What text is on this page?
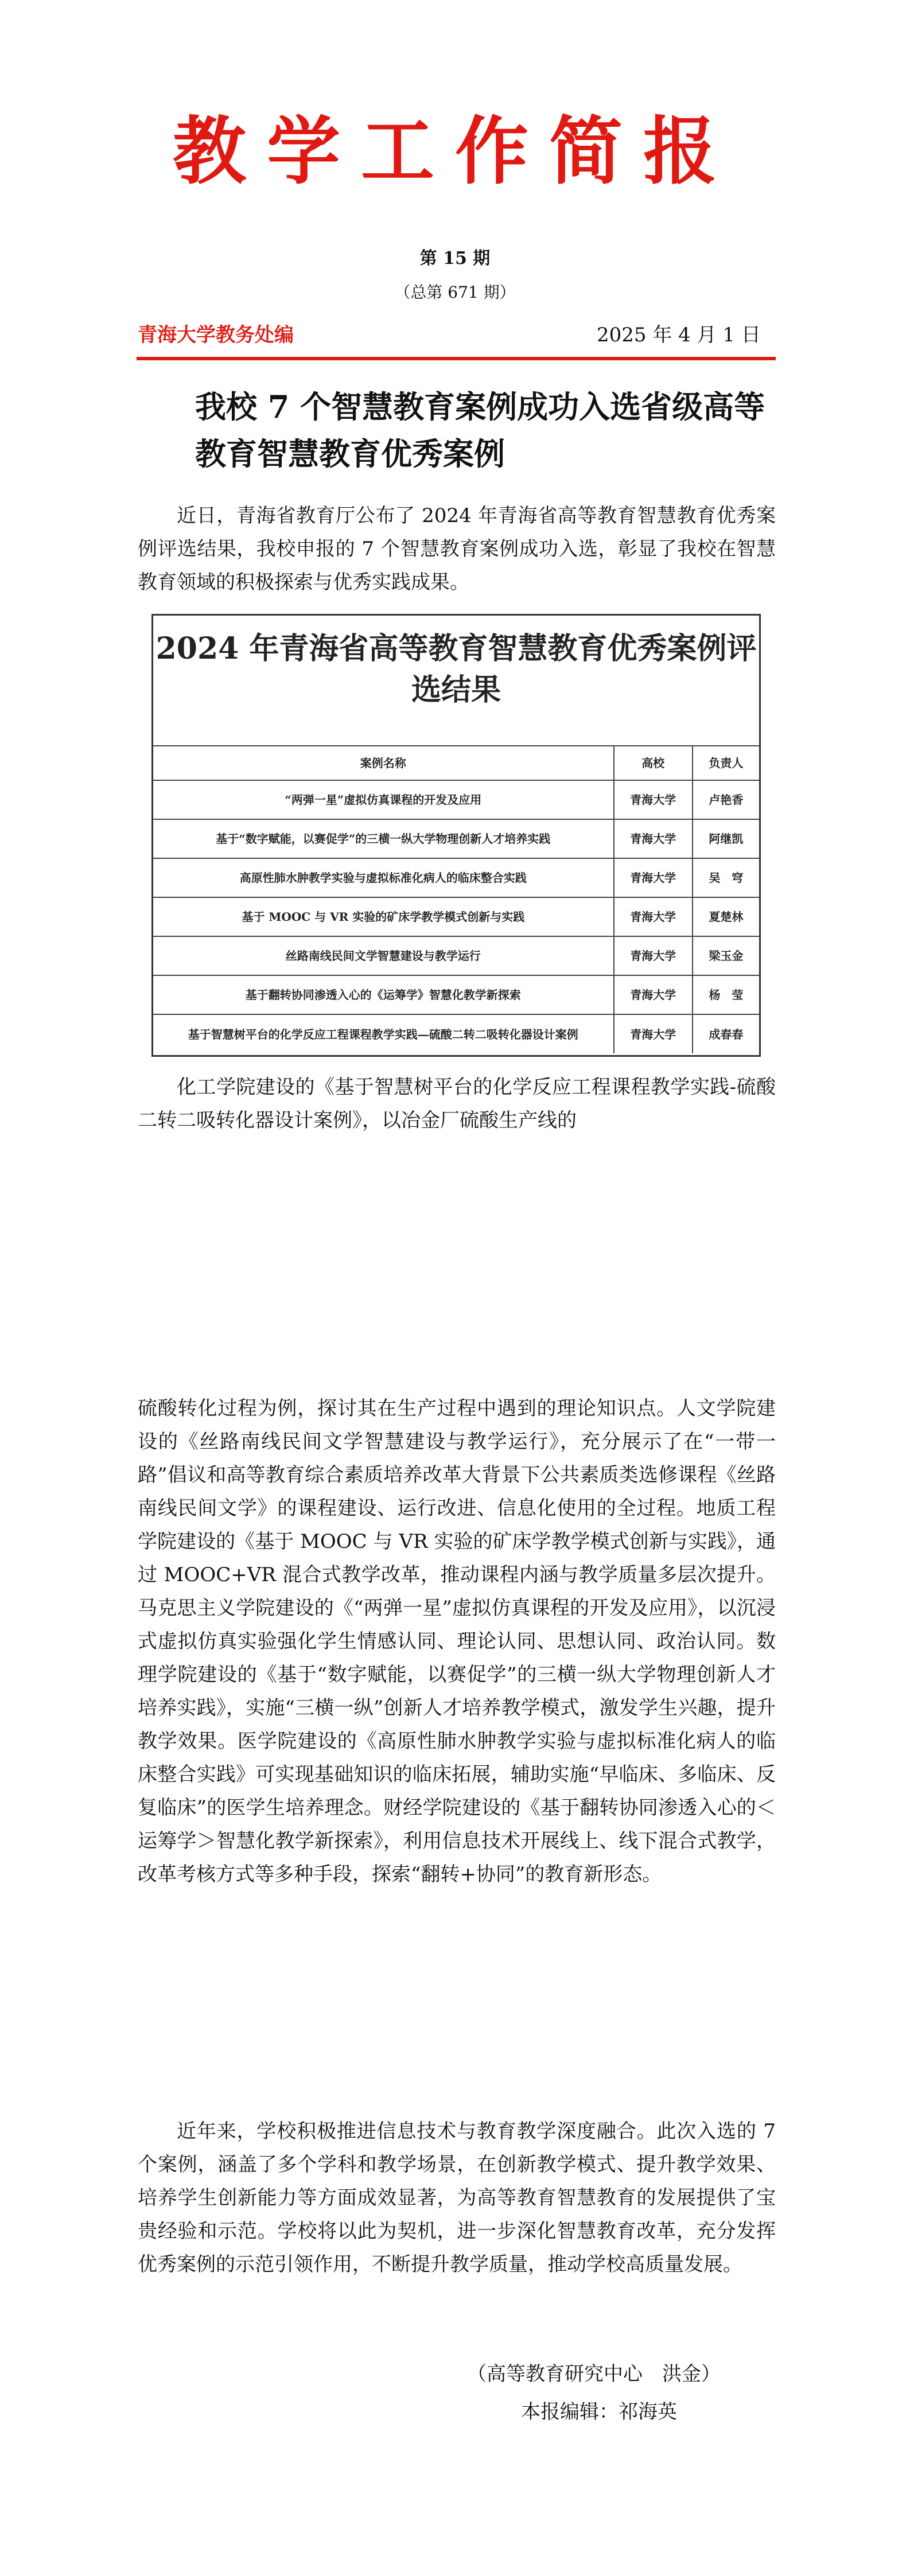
教学工作简报
第 15 期
（总第 671 期）
青海大学教务处编	2025 年 4 月 1 日
我校 7 个智慧教育案例成功入选省级高等教育智慧教育优秀案例

近日，青海省教育厅公布了 2024 年青海省高等教育智慧教育优秀案例评选结果，我校申报的 7 个智慧教育案例成功入选，彰显了我校在智慧教育领域的积极探索与优秀实践成果。

2024 年青海省高等教育智慧教育优秀案例评选结果
案例名称	高校	负责人
“两弹一星”虚拟仿真课程的开发及应用	青海大学	卢艳香
基于“数字赋能，以赛促学”的三横一纵大学物理创新人才培养实践	青海大学	阿继凯
高原性肺水肿教学实验与虚拟标准化病人的临床整合实践	青海大学	吴　穹
基于 MOOC 与 VR 实验的矿床学教学模式创新与实践	青海大学	夏楚林
丝路南线民间文学智慧建设与教学运行	青海大学	梁玉金
基于翻转协同渗透入心的《运筹学》智慧化教学新探索	青海大学	杨　莹
基于智慧树平台的化学反应工程课程教学实践—硫酸二转二吸转化器设计案例	青海大学	成春春

化工学院建设的《基于智慧树平台的化学反应工程课程教学实践-硫酸二转二吸转化器设计案例》，以冶金厂硫酸生产线的

硫酸转化过程为例，探讨其在生产过程中遇到的理论知识点。人文学院建设的《丝路南线民间文学智慧建设与教学运行》，充分展示了在“一带一路”倡议和高等教育综合素质培养改革大背景下公共素质类选修课程《丝路南线民间文学》的课程建设、运行改进、信息化使用的全过程。地质工程学院建设的《基于 MOOC 与 VR 实验的矿床学教学模式创新与实践》，通过 MOOC+VR 混合式教学改革，推动课程内涵与教学质量多层次提升。马克思主义学院建设的《“两弹一星”虚拟仿真课程的开发及应用》，以沉浸式虚拟仿真实验强化学生情感认同、理论认同、思想认同、政治认同。数理学院建设的《基于“数字赋能，以赛促学”的三横一纵大学物理创新人才培养实践》，实施“三横一纵”创新人才培养教学模式，激发学生兴趣，提升教学效果。医学院建设的《高原性肺水肿教学实验与虚拟标准化病人的临床整合实践》可实现基础知识的临床拓展，辅助实施“早临床、多临床、反复临床”的医学生培养理念。财经学院建设的《基于翻转协同渗透入心的＜运筹学＞智慧化教学新探索》，利用信息技术开展线上、线下混合式教学，改革考核方式等多种手段，探索“翻转+协同”的教育新形态。

近年来，学校积极推进信息技术与教育教学深度融合。此次入选的 7 个案例，涵盖了多个学科和教学场景，在创新教学模式、提升教学效果、培养学生创新能力等方面成效显著，为高等教育智慧教育的发展提供了宝贵经验和示范。学校将以此为契机，进一步深化智慧教育改革，充分发挥优秀案例的示范引领作用，不断提升教学质量，推动学校高质量发展。

（高等教育研究中心　洪金）
本报编辑：祁海英
